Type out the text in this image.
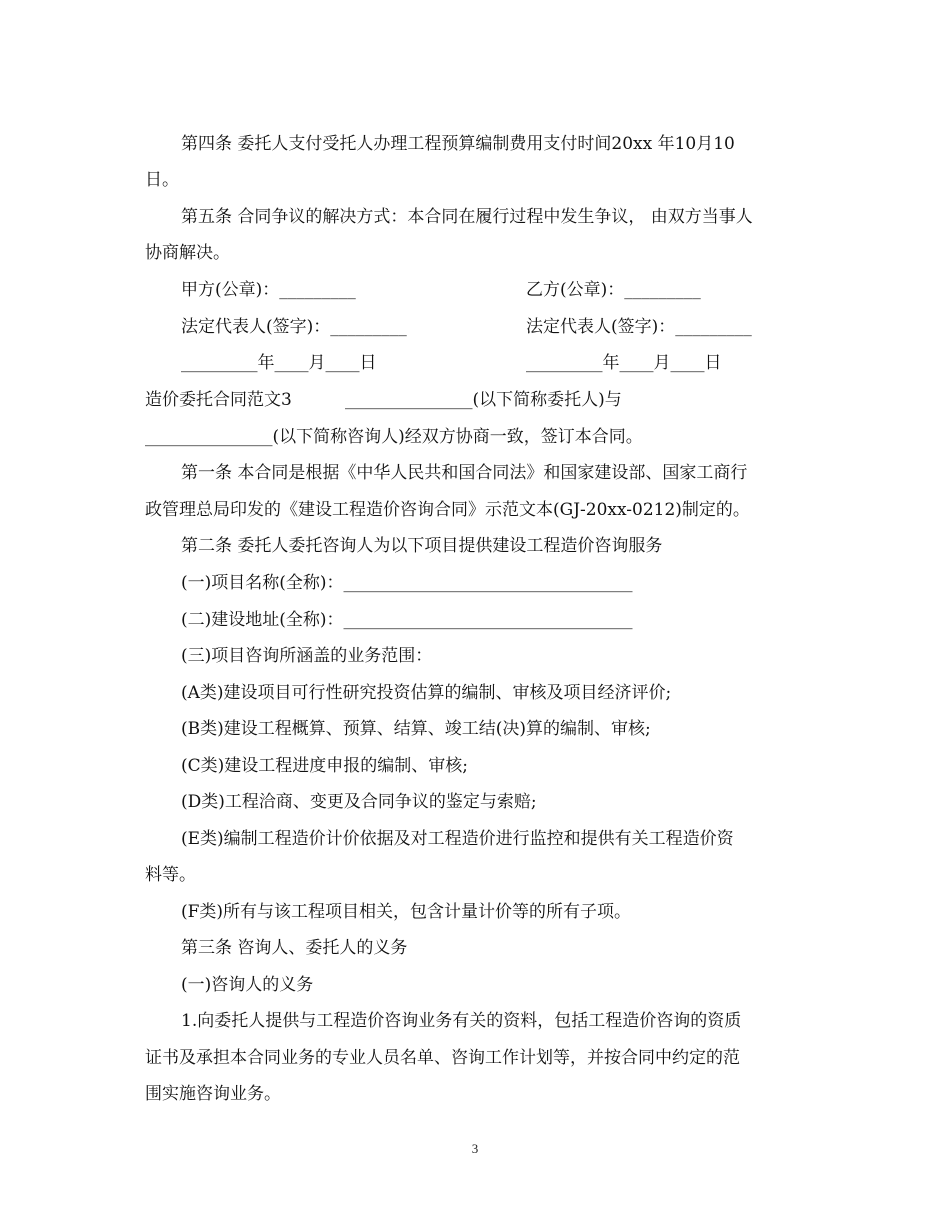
第四条 委托人支付受托人办理工程预算编制费用支付时间20xx 年10月10
日。
第五条 合同争议的解决方式：本合同在履行过程中发生争议， 由双方当事人
协商解决。
甲方(公章)：_________	乙方(公章)：_________
法定代表人(签字)：_________	法定代表人(签字)：_________
_________年____月____日	_________年____月____日
造价委托合同范文3	_______________(以下简称委托人)与
_______________(以下简称咨询人)经双方协商一致，签订本合同。
第一条 本合同是根据《中华人民共和国合同法》和国家建设部、国家工商行
政管理总局印发的《建设工程造价咨询合同》示范文本(GJ-20xx-0212)制定的。
第二条 委托人委托咨询人为以下项目提供建设工程造价咨询服务
(一)项目名称(全称)：__________________________________
(二)建设地址(全称)：__________________________________
(三)项目咨询所涵盖的业务范围：
(A类)建设项目可行性研究投资估算的编制、审核及项目经济评价;
(B类)建设工程概算、预算、结算、竣工结(决)算的编制、审核;
(C类)建设工程进度申报的编制、审核;
(D类)工程洽商、变更及合同争议的鉴定与索赔;
(E类)编制工程造价计价依据及对工程造价进行监控和提供有关工程造价资
料等。
(F类)所有与该工程项目相关，包含计量计价等的所有子项。
第三条 咨询人、委托人的义务
(一)咨询人的义务
1.向委托人提供与工程造价咨询业务有关的资料，包括工程造价咨询的资质
证书及承担本合同业务的专业人员名单、咨询工作计划等，并按合同中约定的范
围实施咨询业务。
3
